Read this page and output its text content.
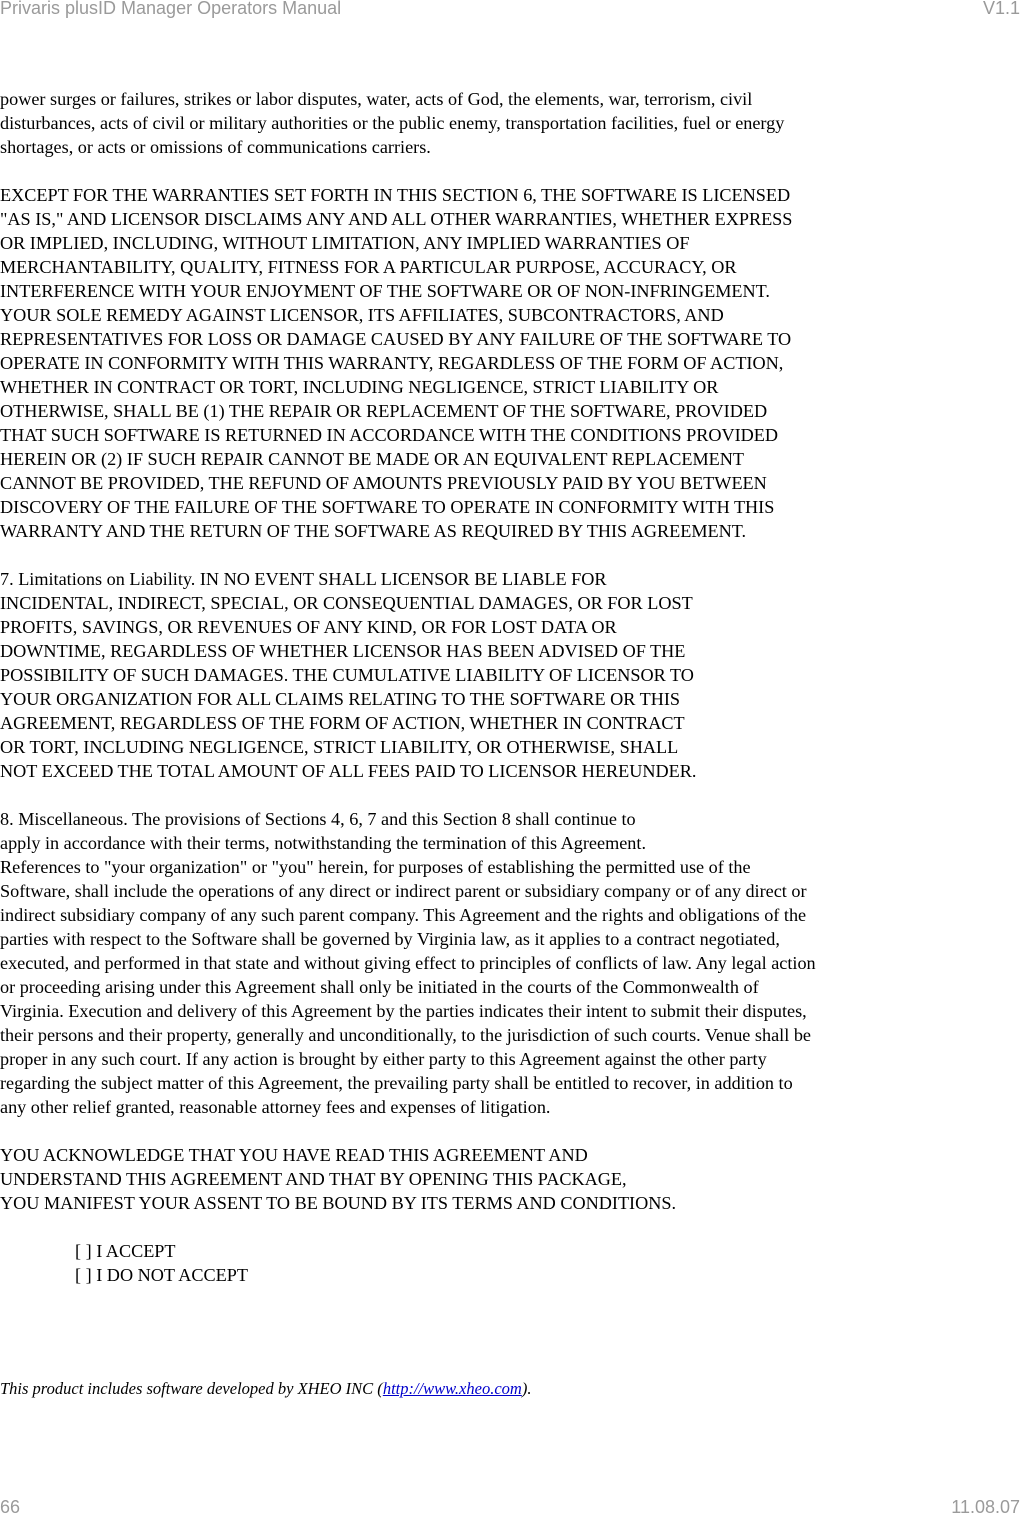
Privaris plusID Manager Operators Manual	V1.1

power surges or failures, strikes or labor disputes, water, acts of God, the elements, war, terrorism, civil
disturbances, acts of civil or military authorities or the public enemy, transportation facilities, fuel or energy
shortages, or acts or omissions of communications carriers.

EXCEPT FOR THE WARRANTIES SET FORTH IN THIS SECTION 6, THE SOFTWARE IS LICENSED
"AS IS," AND LICENSOR DISCLAIMS ANY AND ALL OTHER WARRANTIES, WHETHER EXPRESS
OR IMPLIED, INCLUDING, WITHOUT LIMITATION, ANY IMPLIED WARRANTIES OF
MERCHANTABILITY, QUALITY, FITNESS FOR A PARTICULAR PURPOSE, ACCURACY, OR
INTERFERENCE WITH YOUR ENJOYMENT OF THE SOFTWARE OR OF NON-INFRINGEMENT.
YOUR SOLE REMEDY AGAINST LICENSOR, ITS AFFILIATES, SUBCONTRACTORS, AND
REPRESENTATIVES FOR LOSS OR DAMAGE CAUSED BY ANY FAILURE OF THE SOFTWARE TO
OPERATE IN CONFORMITY WITH THIS WARRANTY, REGARDLESS OF THE FORM OF ACTION,
WHETHER IN CONTRACT OR TORT, INCLUDING NEGLIGENCE, STRICT LIABILITY OR
OTHERWISE, SHALL BE (1) THE REPAIR OR REPLACEMENT OF THE SOFTWARE, PROVIDED
THAT SUCH SOFTWARE IS RETURNED IN ACCORDANCE WITH THE CONDITIONS PROVIDED
HEREIN OR (2) IF SUCH REPAIR CANNOT BE MADE OR AN EQUIVALENT REPLACEMENT
CANNOT BE PROVIDED, THE REFUND OF AMOUNTS PREVIOUSLY PAID BY YOU BETWEEN
DISCOVERY OF THE FAILURE OF THE SOFTWARE TO OPERATE IN CONFORMITY WITH THIS
WARRANTY AND THE RETURN OF THE SOFTWARE AS REQUIRED BY THIS AGREEMENT.

7. Limitations on Liability. IN NO EVENT SHALL LICENSOR BE LIABLE FOR
INCIDENTAL, INDIRECT, SPECIAL, OR CONSEQUENTIAL DAMAGES, OR FOR LOST
PROFITS, SAVINGS, OR REVENUES OF ANY KIND, OR FOR LOST DATA OR
DOWNTIME, REGARDLESS OF WHETHER LICENSOR HAS BEEN ADVISED OF THE
POSSIBILITY OF SUCH DAMAGES. THE CUMULATIVE LIABILITY OF LICENSOR TO
YOUR ORGANIZATION FOR ALL CLAIMS RELATING TO THE SOFTWARE OR THIS
AGREEMENT, REGARDLESS OF THE FORM OF ACTION, WHETHER IN CONTRACT
OR TORT, INCLUDING NEGLIGENCE, STRICT LIABILITY, OR OTHERWISE, SHALL
NOT EXCEED THE TOTAL AMOUNT OF ALL FEES PAID TO LICENSOR HEREUNDER.

8. Miscellaneous. The provisions of Sections 4, 6, 7 and this Section 8 shall continue to
apply in accordance with their terms, notwithstanding the termination of this Agreement.
References to "your organization" or "you" herein, for purposes of establishing the permitted use of the
Software, shall include the operations of any direct or indirect parent or subsidiary company or of any direct or
indirect subsidiary company of any such parent company. This Agreement and the rights and obligations of the
parties with respect to the Software shall be governed by Virginia law, as it applies to a contract negotiated,
executed, and performed in that state and without giving effect to principles of conflicts of law. Any legal action
or proceeding arising under this Agreement shall only be initiated in the courts of the Commonwealth of
Virginia. Execution and delivery of this Agreement by the parties indicates their intent to submit their disputes,
their persons and their property, generally and unconditionally, to the jurisdiction of such courts. Venue shall be
proper in any such court. If any action is brought by either party to this Agreement against the other party
regarding the subject matter of this Agreement, the prevailing party shall be entitled to recover, in addition to
any other relief granted, reasonable attorney fees and expenses of litigation.

YOU ACKNOWLEDGE THAT YOU HAVE READ THIS AGREEMENT AND
UNDERSTAND THIS AGREEMENT AND THAT BY OPENING THIS PACKAGE,
YOU MANIFEST YOUR ASSENT TO BE BOUND BY ITS TERMS AND CONDITIONS.

[ ] I ACCEPT
[ ] I DO NOT ACCEPT
This product includes software developed by XHEO INC (http://www.xheo.com).
66	11.08.07
